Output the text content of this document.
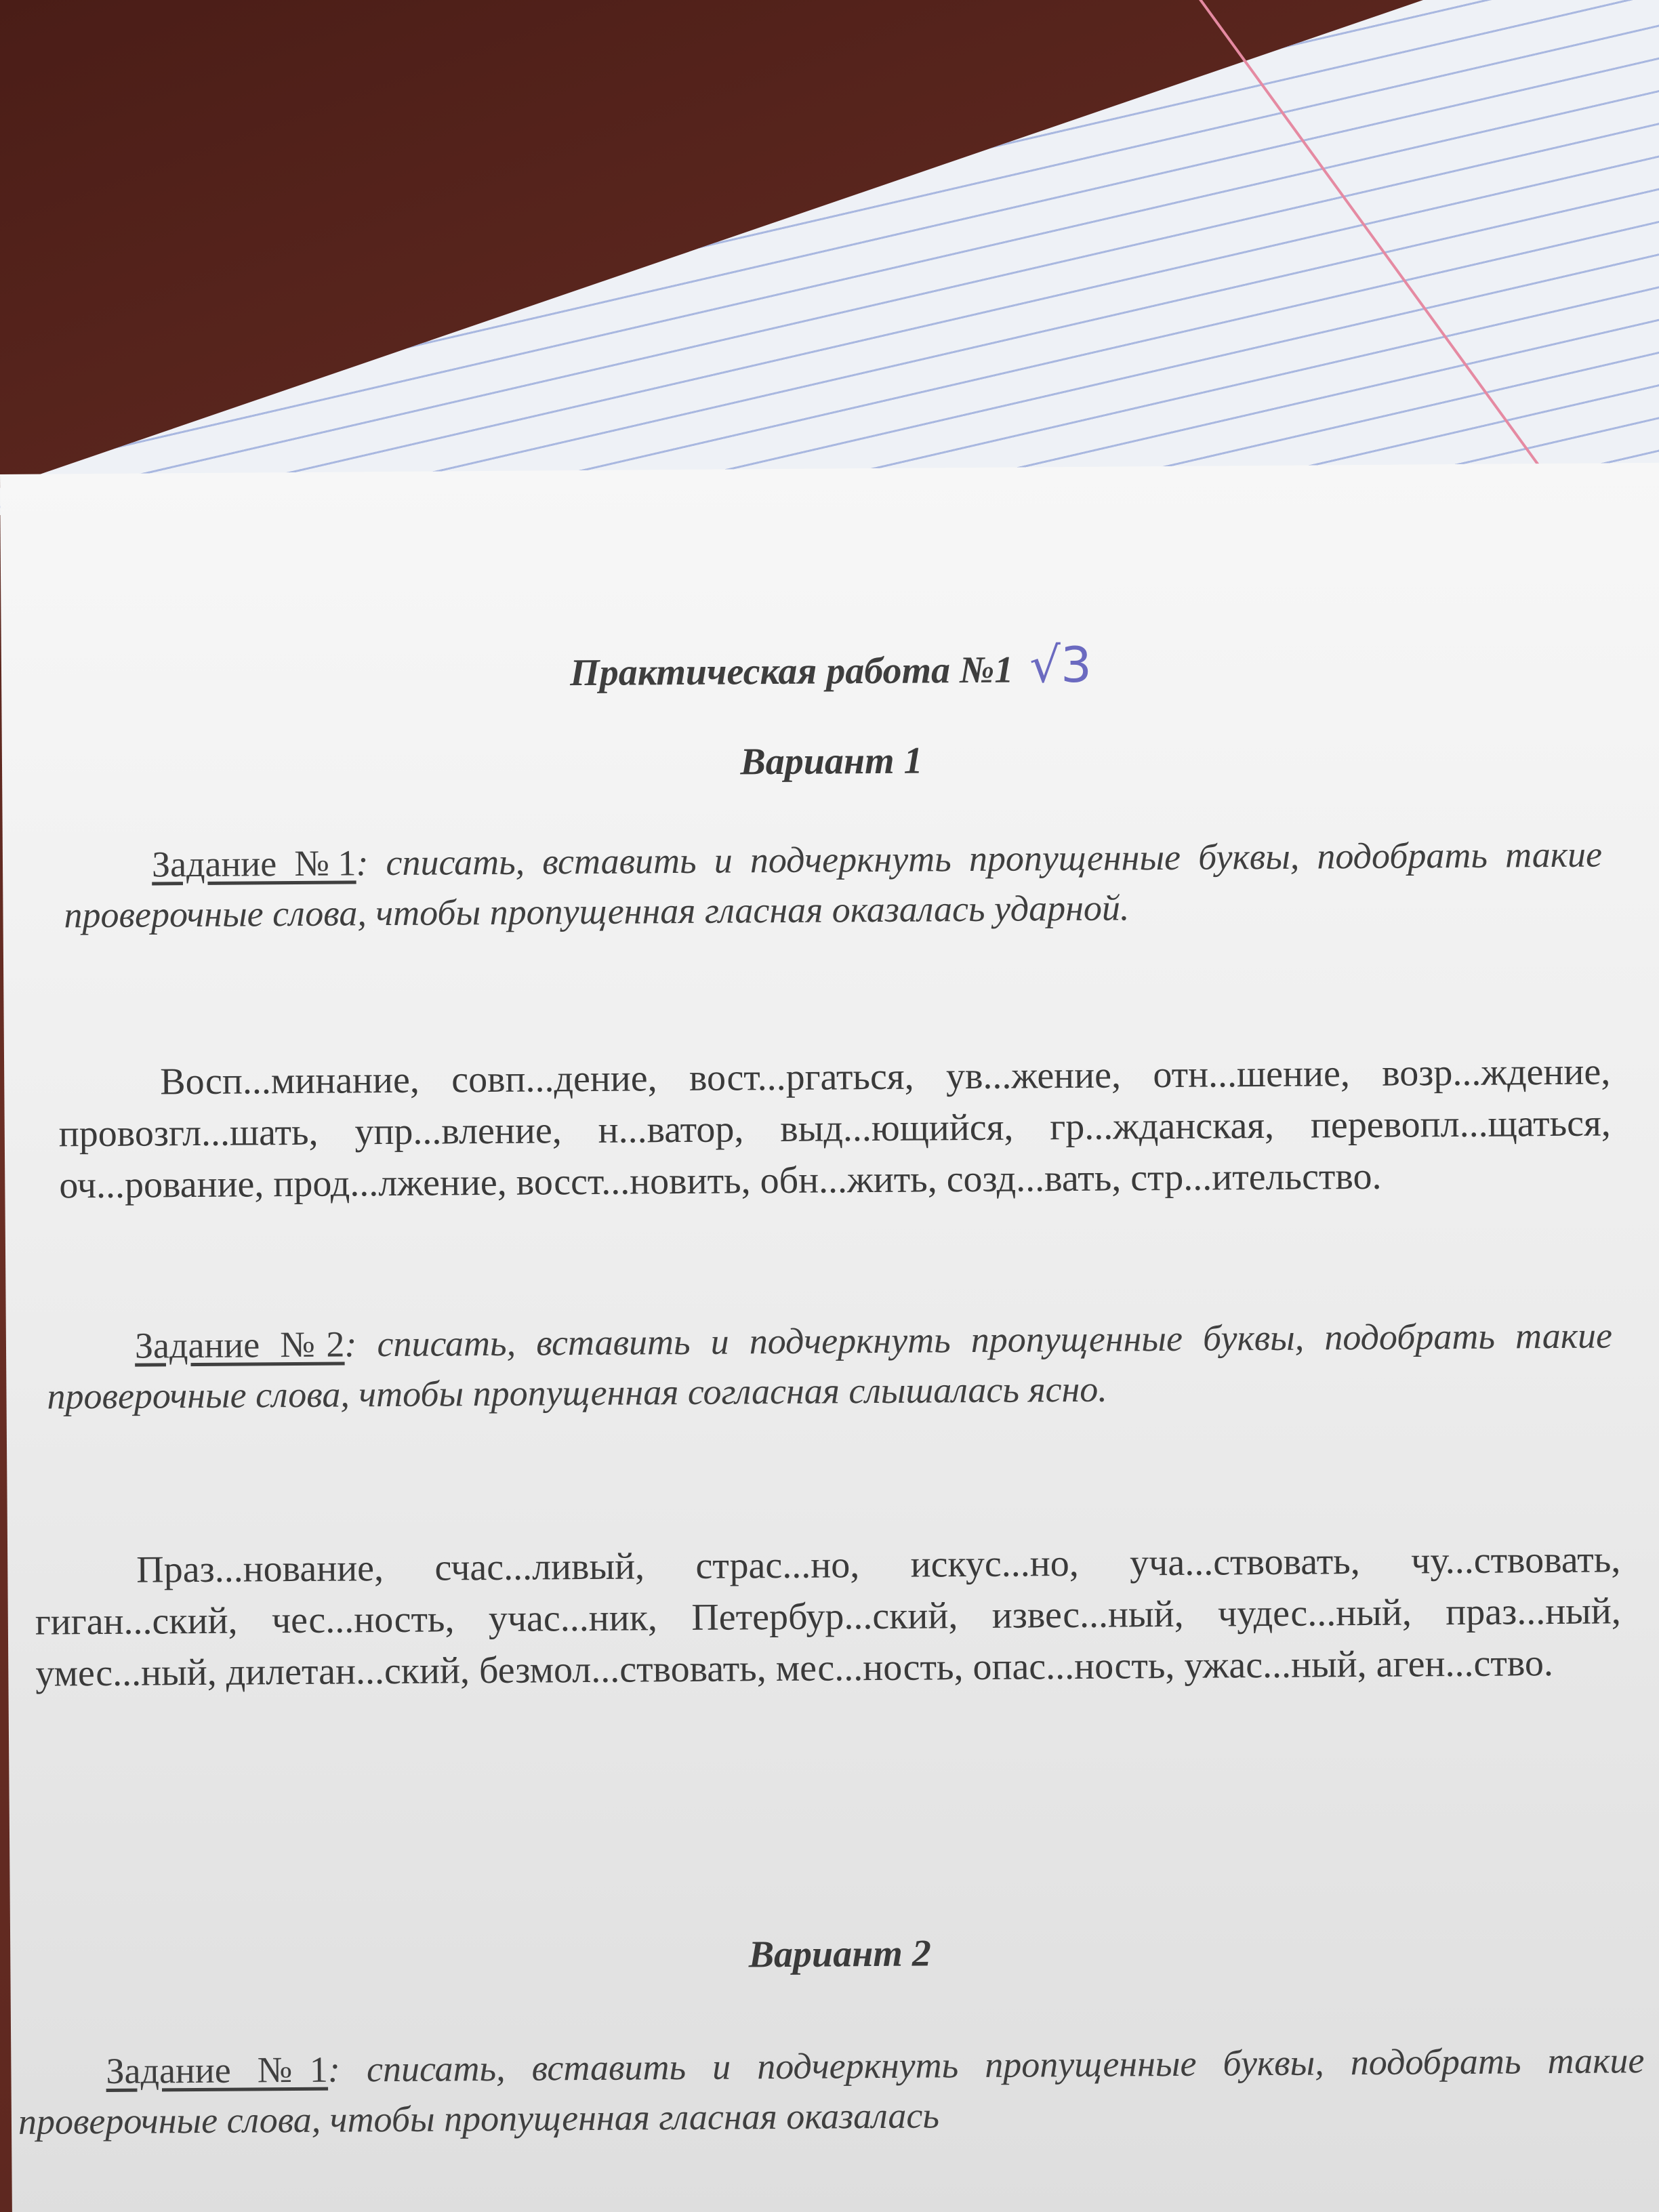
Практическая работа №1 √3
Вариант 1
Задание №1: списать, вставить и подчеркнуть пропущенные буквы, подобрать такие проверочные слова, чтобы пропущенная гласная оказалась ударной.
Восп...минание, совп...дение, вост...ргаться, ув...жение, отн...шение, возр...ждение, провозгл...шать, упр...вление, н...ватор, выд...ющийся, гр...жданская, перевопл...щаться, оч...рование, прод...лжение, восст...новить, обн...жить, созд...вать, стр...ительство.
Задание №2: списать, вставить и подчеркнуть пропущенные буквы, подобрать такие проверочные слова, чтобы пропущенная согласная слышалась ясно.
Праз...нование, счас...ливый, страс...но, искус...но, уча...ствовать, чу...ствовать, гиган...ский, чес...ность, учас...ник, Петербур...ский, извес...ный, чудес...ный, праз...ный, умес...ный, дилетан...ский, безмол...ствовать, мес...ность, опас...ность, ужас...ный, аген...ство.
Вариант 2
Задание №1: списать, вставить и подчеркнуть пропущенные буквы, подобрать такие проверочные слова, чтобы пропущенная гласная оказалась
